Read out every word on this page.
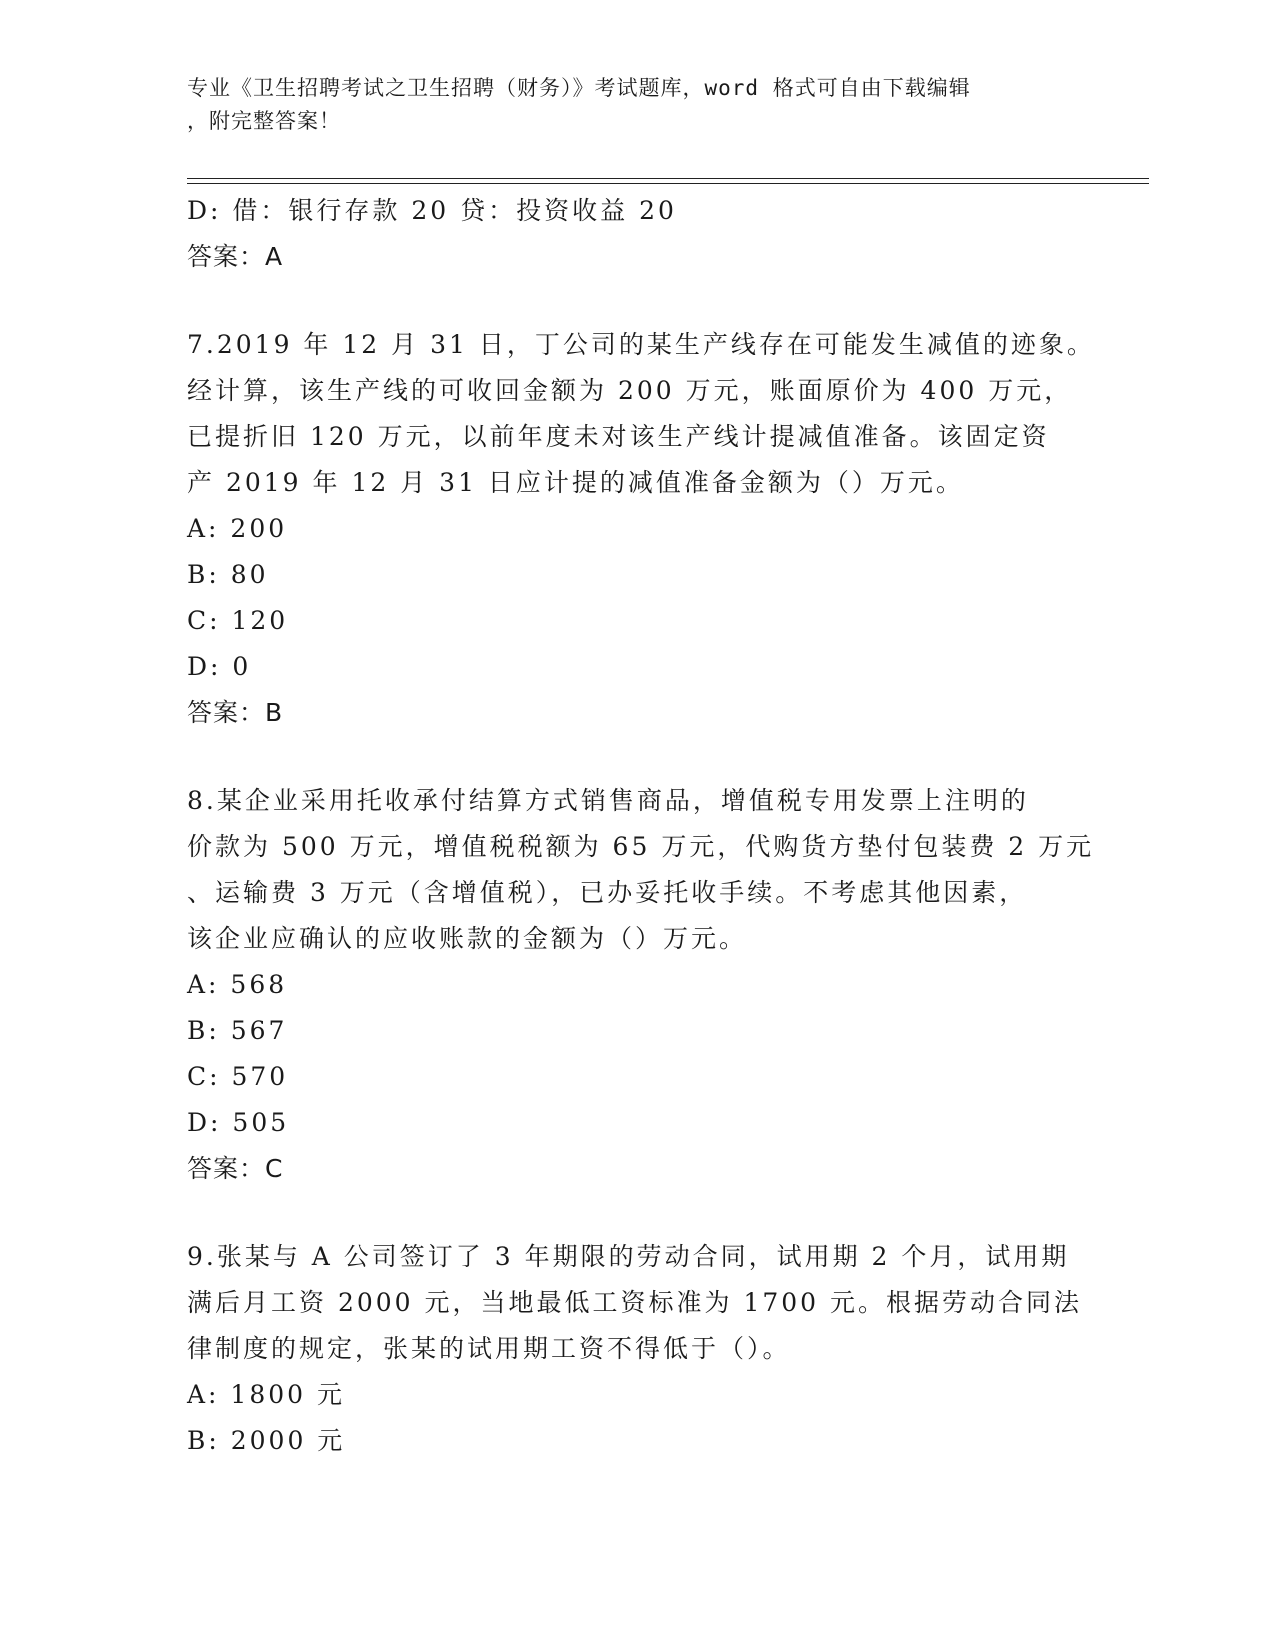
专业《卫生招聘考试之卫生招聘（财务）》考试题库，word 格式可自由下载编辑
，附完整答案！
D: 借：银行存款 20 贷：投资收益 20
答案：A
7.2019 年 12 月 31 日，丁公司的某生产线存在可能发生减值的迹象。
经计算，该生产线的可收回金额为 200 万元，账面原价为 400 万元，
已提折旧 120 万元，以前年度未对该生产线计提减值准备。该固定资
产 2019 年 12 月 31 日应计提的减值准备金额为（）万元。
A: 200
B: 80
C: 120
D: 0
答案：B
8.某企业采用托收承付结算方式销售商品，增值税专用发票上注明的
价款为 500 万元，增值税税额为 65 万元，代购货方垫付包装费 2 万元
、运输费 3 万元（含增值税），已办妥托收手续。不考虑其他因素，
该企业应确认的应收账款的金额为（）万元。
A: 568
B: 567
C: 570
D: 505
答案：C
9.张某与 A 公司签订了 3 年期限的劳动合同，试用期 2 个月，试用期
满后月工资 2000 元，当地最低工资标准为 1700 元。根据劳动合同法
律制度的规定，张某的试用期工资不得低于（）。
A: 1800 元
B: 2000 元
